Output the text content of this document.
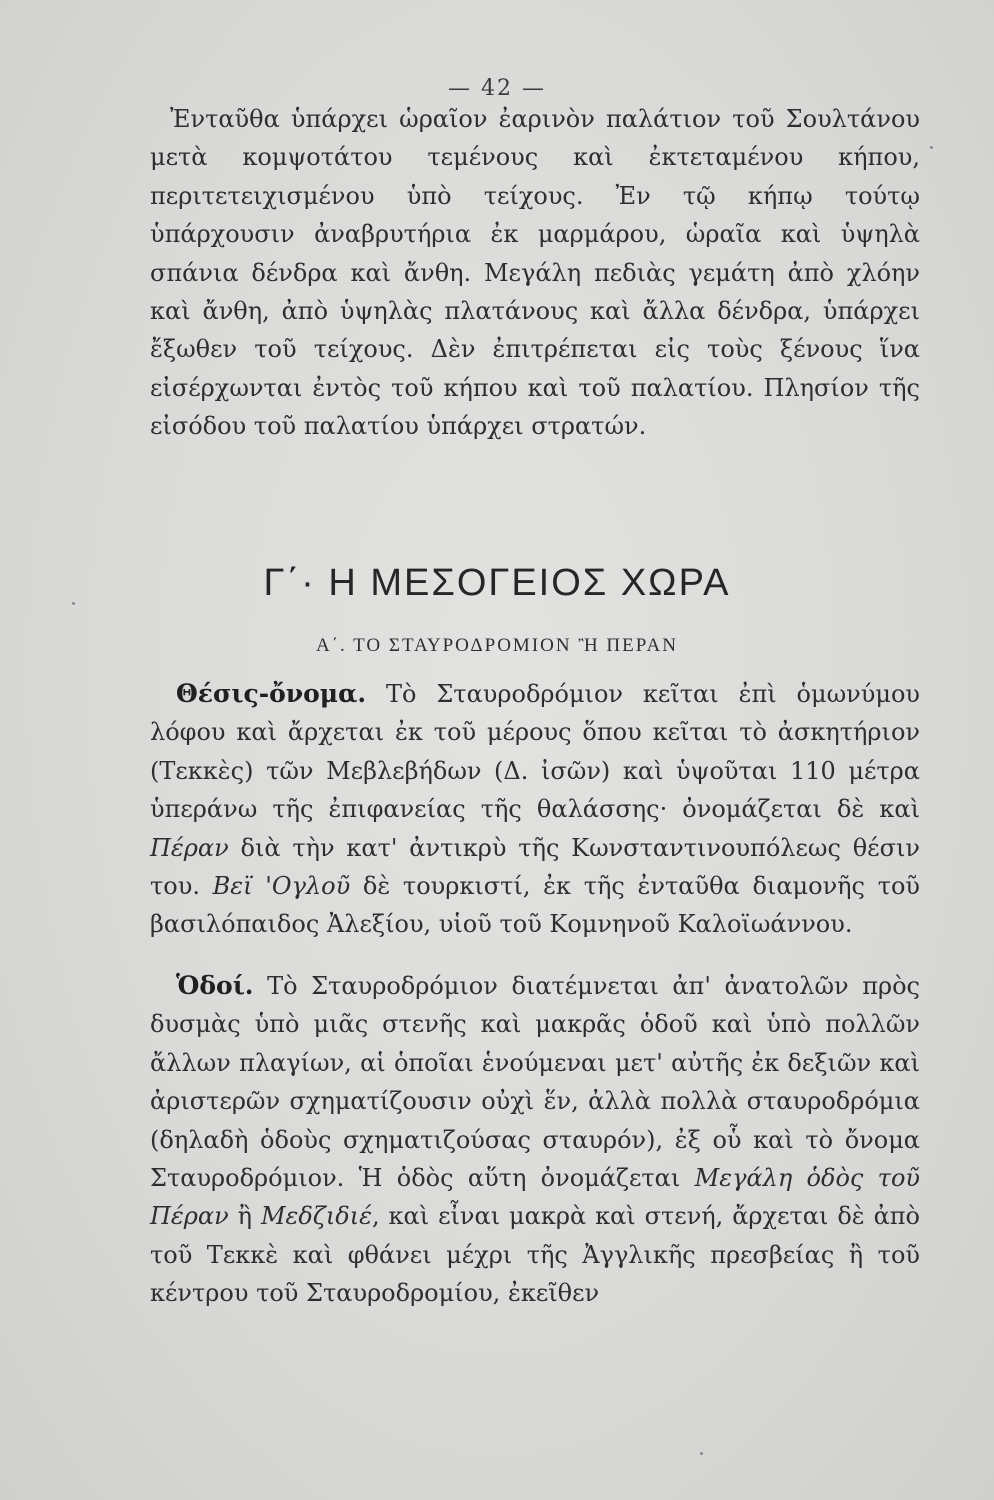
— 42 —
Ἐνταῦθα ὑπάρχει ὡραῖον ἐαρινὸν παλάτιον τοῦ Σουλτάνου μετὰ κομψοτάτου τεμένους καὶ ἐκτεταμένου κήπου, περιτετειχισμένου ὑπὸ τείχους. Ἐν τῷ κήπῳ τούτῳ ὑπάρχουσιν ἀναβρυτήρια ἐκ μαρμάρου, ὡραῖα καὶ ὑψηλὰ σπάνια δένδρα καὶ ἄνθη. Μεγάλη πεδιὰς γεμάτη ἀπὸ χλόην καὶ ἄνθη, ἀπὸ ὑψηλὰς πλατάνους καὶ ἄλλα δένδρα, ὑπάρχει ἔξωθεν τοῦ τείχους. Δὲν ἐπιτρέπεται εἰς τοὺς ξένους ἵνα εἰσέρχωνται ἐντὸς τοῦ κήπου καὶ τοῦ παλατίου. Πλησίον τῆς εἰσόδου τοῦ παλατίου ὑπάρχει στρατών.
Γ΄· Η ΜΕΣΟΓΕΙΟΣ ΧΩΡΑ
Α΄. ΤΟ ΣΤΑΥΡΟΔΡΟΜΙΟΝ Ἢ ΠΕΡΑΝ
Θέσις-ὄνομα. Τὸ Σταυροδρόμιον κεῖται ἐπὶ ὁμωνύμου λόφου καὶ ἄρχεται ἐκ τοῦ μέρους ὅπου κεῖται τὸ ἀσκητήριον (Τεκκὲς) τῶν Μεβλεβήδων (Δ. ἰσῶν) καὶ ὑψοῦται 110 μέτρα ὑπεράνω τῆς ἐπιφανείας τῆς θαλάσσης· ὀνομάζεται δὲ καὶ Πέραν διὰ τὴν κατ' ἀντικρὺ τῆς Κωνσταντινουπόλεως θέσιν του. Βεϊ 'Ογλοῦ δὲ τουρκιστί, ἐκ τῆς ἐνταῦθα διαμονῆς τοῦ βασιλόπαιδος Ἀλεξίου, υἱοῦ τοῦ Κομνηνοῦ Καλοϊωάννου.
Ὁδοί. Τὸ Σταυροδρόμιον διατέμνεται ἀπ' ἀνατολῶν πρὸς δυσμὰς ὑπὸ μιᾶς στενῆς καὶ μακρᾶς ὁδοῦ καὶ ὑπὸ πολλῶν ἄλλων πλαγίων, αἱ ὁποῖαι ἑνούμεναι μετ' αὐτῆς ἐκ δεξιῶν καὶ ἀριστερῶν σχηματίζουσιν οὐχὶ ἕν, ἀλλὰ πολλὰ σταυροδρόμια (δηλαδὴ ὁδοὺς σχηματιζούσας σταυρόν), ἐξ οὗ καὶ τὸ ὄνομα Σταυροδρόμιον. Ἡ ὁδὸς αὕτη ὀνομάζεται Μεγάλη ὁδὸς τοῦ Πέραν ἢ Μεδζιδιέ, καὶ εἶναι μακρὰ καὶ στενή, ἄρχεται δὲ ἀπὸ τοῦ Τεκκὲ καὶ φθάνει μέχρι τῆς Ἀγγλικῆς πρεσβείας ἢ τοῦ κέντρου τοῦ Σταυροδρομίου, ἐκεῖθεν
